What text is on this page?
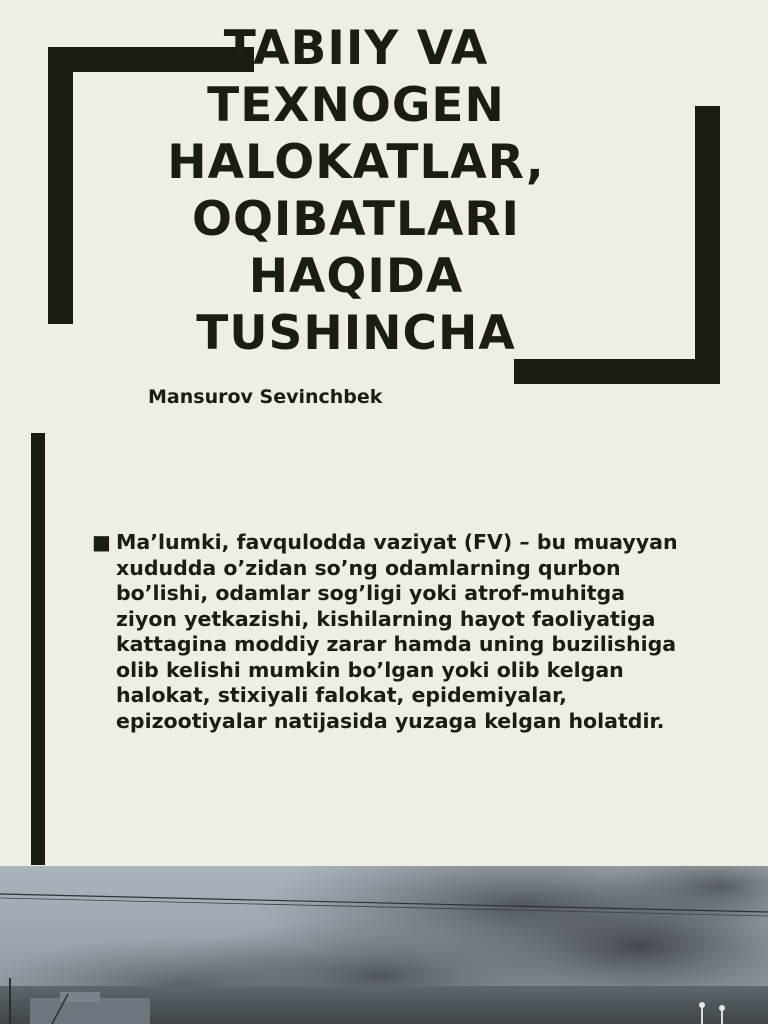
TABIIY VA TEXNOGEN HALOKATLAR, OQIBATLARI HAQIDA TUSHINCHA
Mansurov Sevinchbek
■ Ma’lumki, favqulodda vaziyat (FV) – bu muayyan xududda o’zidan so’ng odamlarning qurbon bo’lishi, odamlar sog’ligi yoki atrof-muhitga ziyon yetkazishi, kishilarning hayot faoliyatiga kattagina moddiy zarar hamda uning buzilishiga olib kelishi mumkin bo’lgan yoki olib kelgan halokat, stixiyali falokat, epidemiyalar, epizootiyalar natijasida yuzaga kelgan holatdir.
